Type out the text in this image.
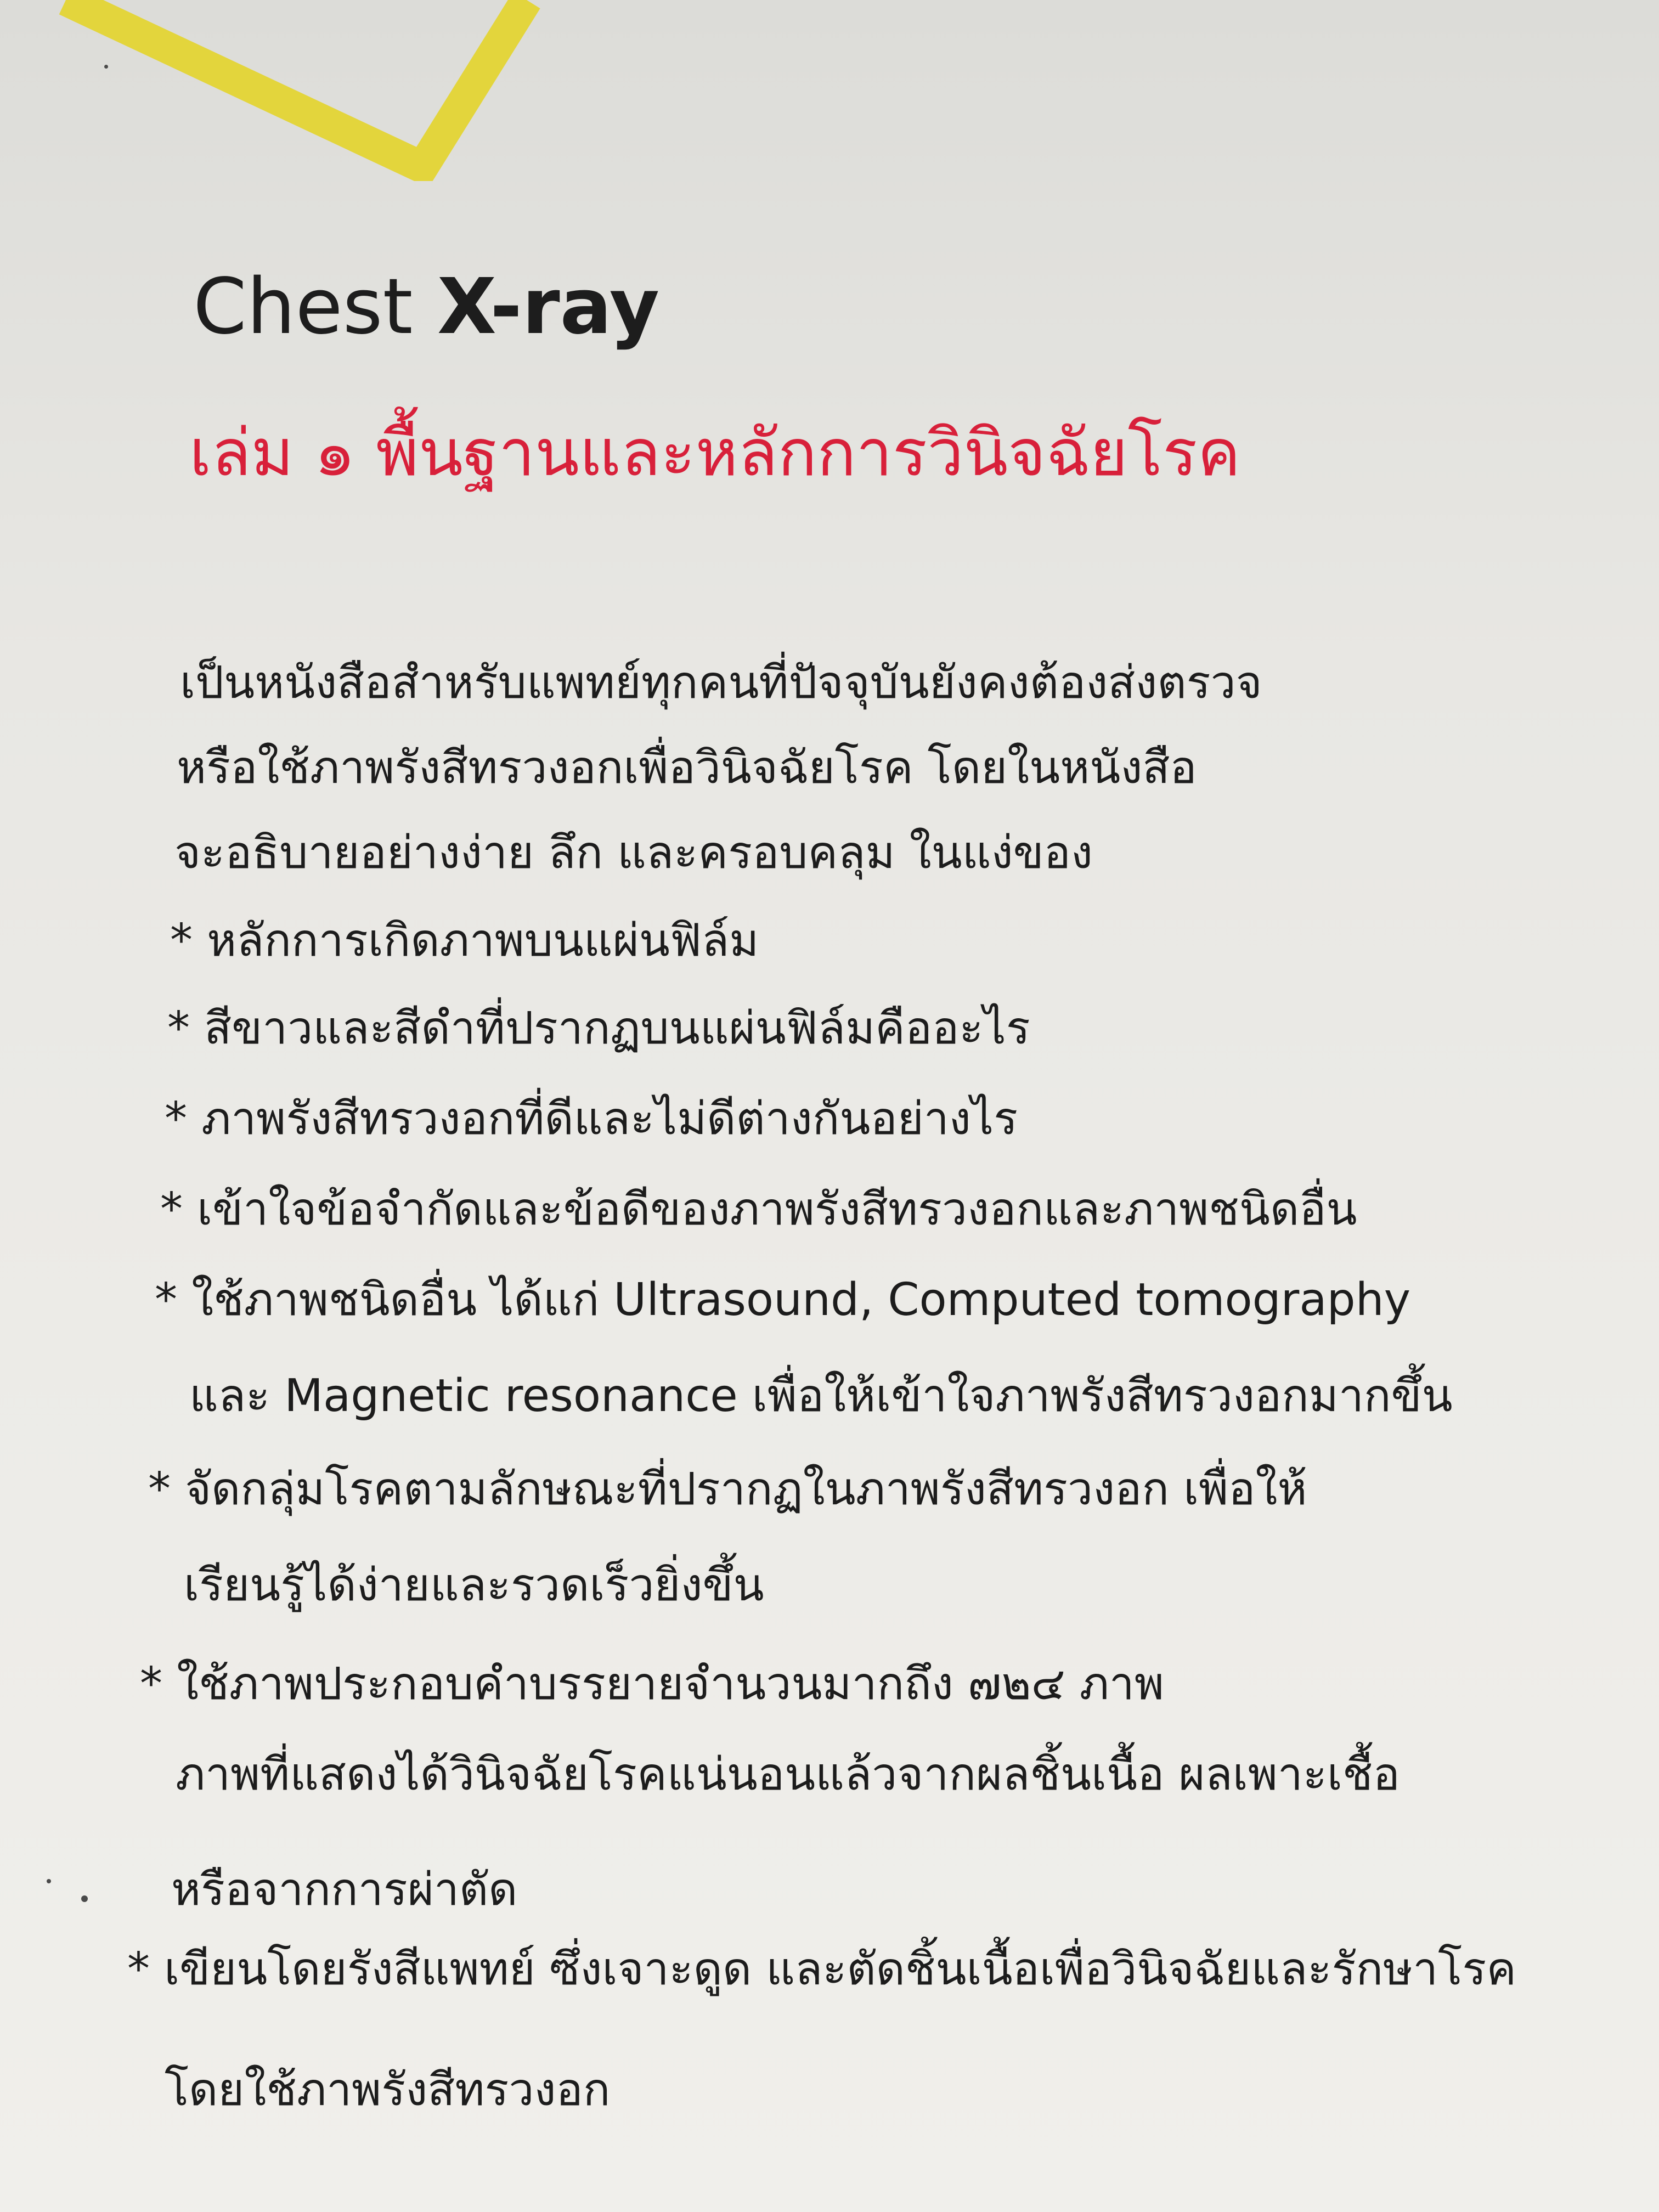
Chest X-ray
เล่ม ๑ พื้นฐานและหลักการวินิจฉัยโรค
เป็นหนังสือสำหรับแพทย์ทุกคนที่ปัจจุบันยังคงต้องส่งตรวจ
หรือใช้ภาพรังสีทรวงอกเพื่อวินิจฉัยโรค โดยในหนังสือ
จะอธิบายอย่างง่าย ลึก และครอบคลุม ในแง่ของ
* หลักการเกิดภาพบนแผ่นฟิล์ม
* สีขาวและสีดำที่ปรากฏบนแผ่นฟิล์มคืออะไร
* ภาพรังสีทรวงอกที่ดีและไม่ดีต่างกันอย่างไร
* เข้าใจข้อจำกัดและข้อดีของภาพรังสีทรวงอกและภาพชนิดอื่น
* ใช้ภาพชนิดอื่น ได้แก่ Ultrasound, Computed tomography
และ Magnetic resonance เพื่อให้เข้าใจภาพรังสีทรวงอกมากขึ้น
* จัดกลุ่มโรคตามลักษณะที่ปรากฏในภาพรังสีทรวงอก เพื่อให้
เรียนรู้ได้ง่ายและรวดเร็วยิ่งขึ้น
* ใช้ภาพประกอบคำบรรยายจำนวนมากถึง ๗๒๔ ภาพ
ภาพที่แสดงได้วินิจฉัยโรคแน่นอนแล้วจากผลชิ้นเนื้อ ผลเพาะเชื้อ
หรือจากการผ่าตัด
* เขียนโดยรังสีแพทย์ ซึ่งเจาะดูด และตัดชิ้นเนื้อเพื่อวินิจฉัยและรักษาโรค
โดยใช้ภาพรังสีทรวงอก
